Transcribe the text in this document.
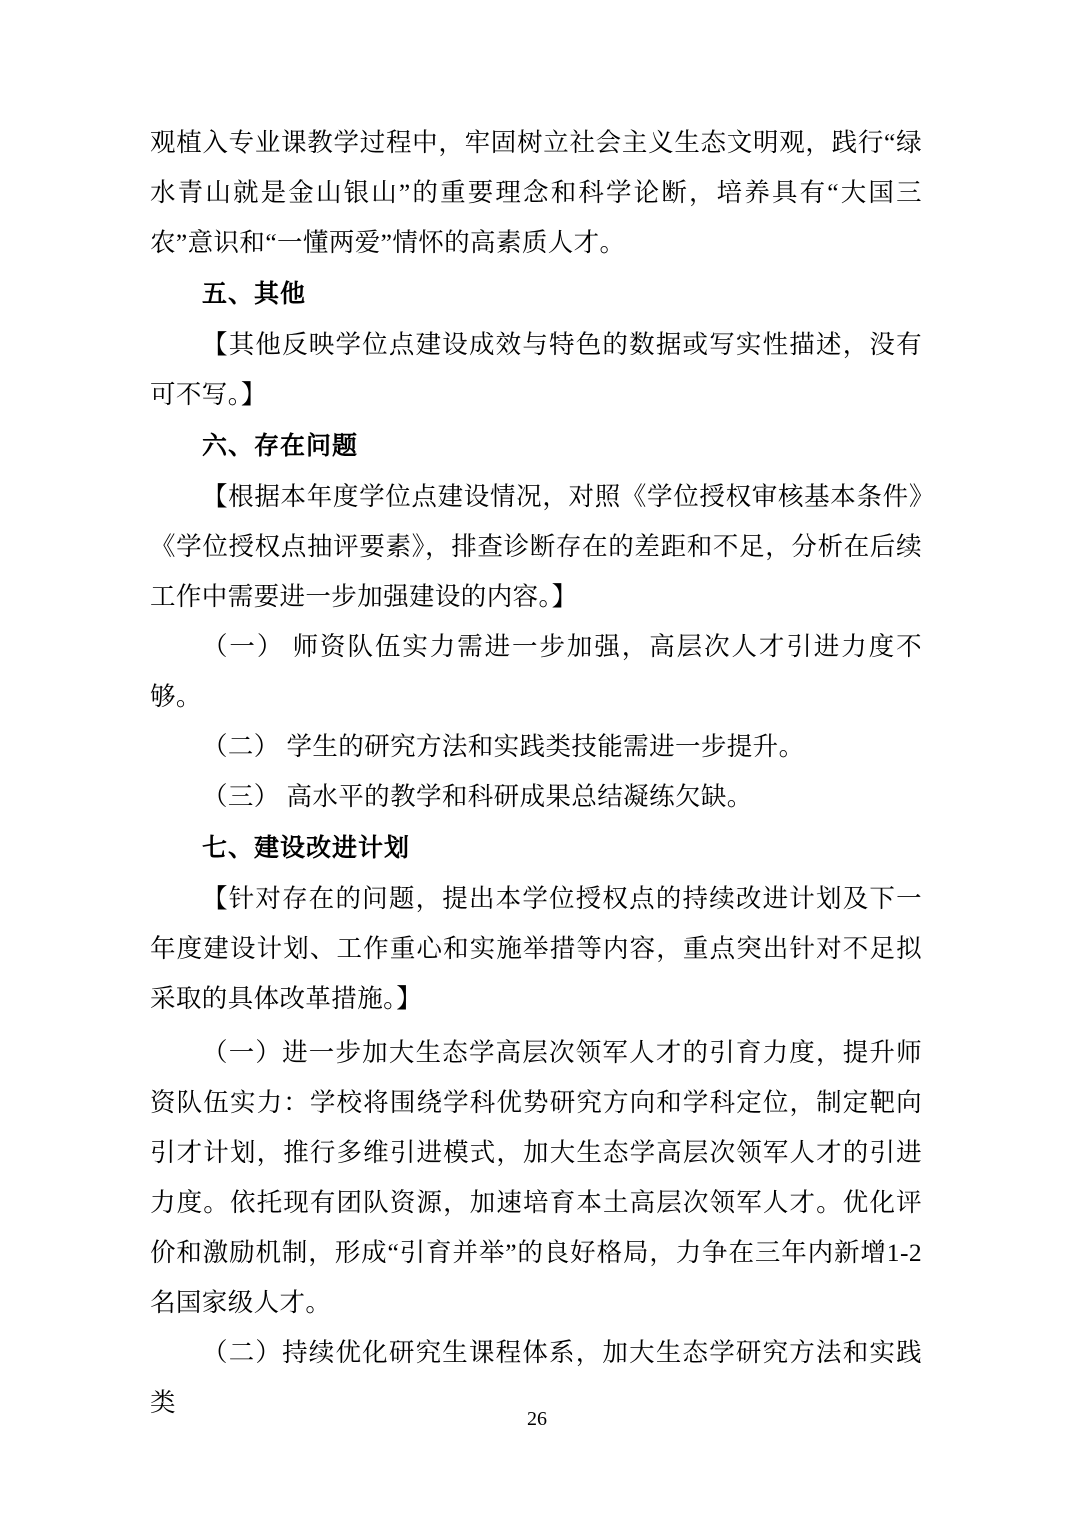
观植入专业课教学过程中，牢固树立社会主义生态文明观，践行“绿水青山就是金山银山”的重要理念和科学论断，培养具有“大国三农”意识和“一懂两爱”情怀的高素质人才。

五、其他

【其他反映学位点建设成效与特色的数据或写实性描述，没有可不写。】

六、存在问题

【根据本年度学位点建设情况，对照《学位授权审核基本条件》《学位授权点抽评要素》，排查诊断存在的差距和不足，分析在后续工作中需要进一步加强建设的内容。】

（一） 师资队伍实力需进一步加强，高层次人才引进力度不够。

（二） 学生的研究方法和实践类技能需进一步提升。

（三） 高水平的教学和科研成果总结凝练欠缺。

七、建设改进计划

【针对存在的问题，提出本学位授权点的持续改进计划及下一年度建设计划、工作重心和实施举措等内容，重点突出针对不足拟采取的具体改革措施。】

（一）进一步加大生态学高层次领军人才的引育力度，提升师资队伍实力：学校将围绕学科优势研究方向和学科定位，制定靶向引才计划，推行多维引进模式，加大生态学高层次领军人才的引进力度。依托现有团队资源，加速培育本土高层次领军人才。优化评价和激励机制，形成“引育并举”的良好格局，力争在三年内新增1-2名国家级人才。

（二）持续优化研究生课程体系，加大生态学研究方法和实践类

26
